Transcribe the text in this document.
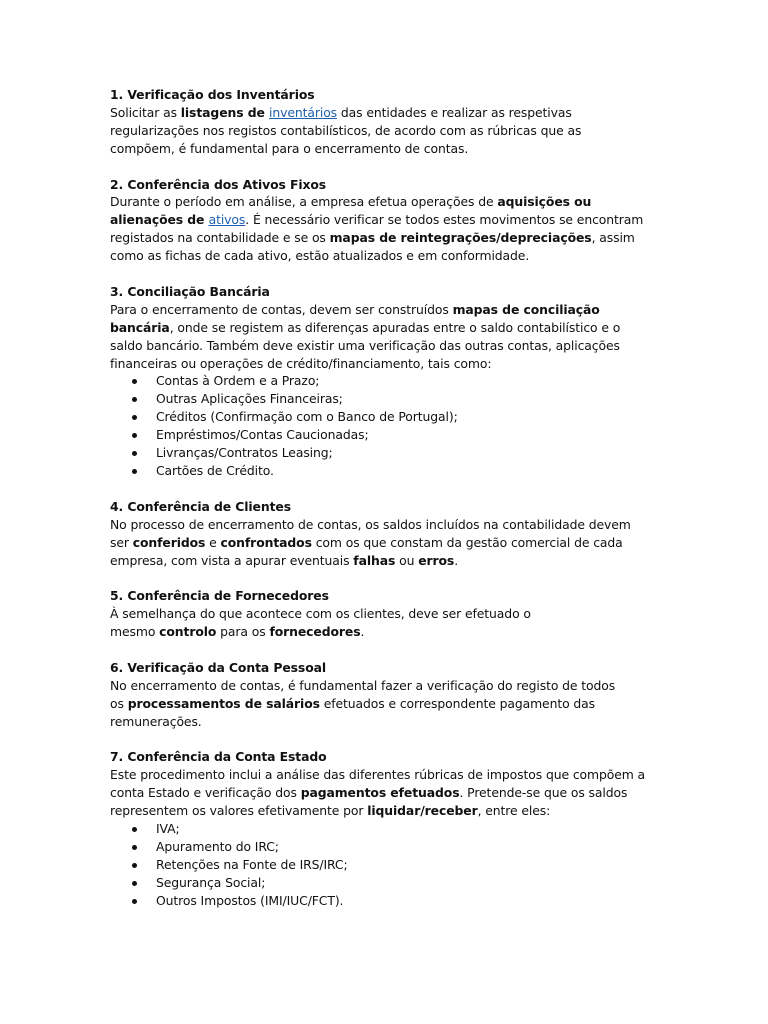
1. Verificação dos Inventários

Solicitar as listagens de inventários das entidades e realizar as respetivas
regularizações nos registos contabilísticos, de acordo com as rúbricas que as
compõem, é fundamental para o encerramento de contas.

2. Conferência dos Ativos Fixos

Durante o período em análise, a empresa efetua operações de aquisições ou
alienações de ativos. É necessário verificar se todos estes movimentos se encontram
registados na contabilidade e se os mapas de reintegrações/depreciações, assim
como as fichas de cada ativo, estão atualizados e em conformidade.

3. Conciliação Bancária

Para o encerramento de contas, devem ser construídos mapas de conciliação
bancária, onde se registem as diferenças apuradas entre o saldo contabilístico e o
saldo bancário. Também deve existir uma verificação das outras contas, aplicações
financeiras ou operações de crédito/financiamento, tais como:

Contas à Ordem e a Prazo;
Outras Aplicações Financeiras;
Créditos (Confirmação com o Banco de Portugal);
Empréstimos/Contas Caucionadas;
Livranças/Contratos Leasing;
Cartões de Crédito.
4. Conferência de Clientes

No processo de encerramento de contas, os saldos incluídos na contabilidade devem
ser conferidos e confrontados com os que constam da gestão comercial de cada
empresa, com vista a apurar eventuais falhas ou erros.

5. Conferência de Fornecedores

À semelhança do que acontece com os clientes, deve ser efetuado o
mesmo controlo para os fornecedores.

6. Verificação da Conta Pessoal

No encerramento de contas, é fundamental fazer a verificação do registo de todos
os processamentos de salários efetuados e correspondente pagamento das
remunerações.

7. Conferência da Conta Estado

Este procedimento inclui a análise das diferentes rúbricas de impostos que compõem a
conta Estado e verificação dos pagamentos efetuados. Pretende-se que os saldos
representem os valores efetivamente por liquidar/receber, entre eles:

IVA;
Apuramento do IRC;
Retenções na Fonte de IRS/IRC;
Segurança Social;
Outros Impostos (IMI/IUC/FCT).
